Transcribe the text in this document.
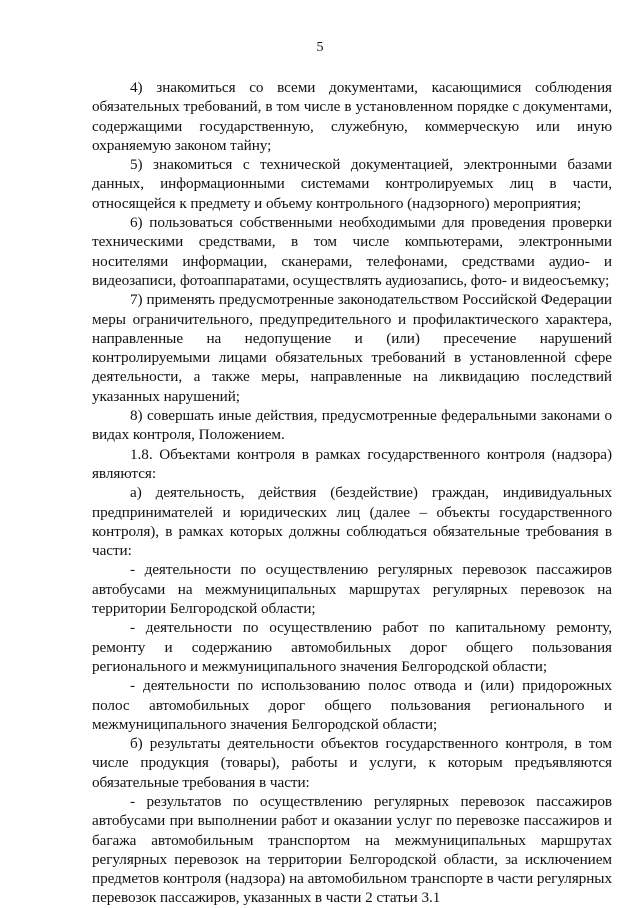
5

4) знакомиться со всеми документами, касающимися соблюдения обязательных требований, в том числе в установленном порядке с документами, содержащими государственную, служебную, коммерческую или иную охраняемую законом тайну;

5) знакомиться с технической документацией, электронными базами данных, информационными системами контролируемых лиц в части, относящейся к предмету и объему контрольного (надзорного) мероприятия;

6) пользоваться собственными необходимыми для проведения проверки техническими средствами, в том числе компьютерами, электронными носителями информации, сканерами, телефонами, средствами аудио- и видеозаписи, фотоаппаратами, осуществлять аудиозапись, фото- и видеосъемку;

7) применять предусмотренные законодательством Российской Федерации меры ограничительного, предупредительного и профилактического характера, направленные на недопущение и (или) пресечение нарушений контролируемыми лицами обязательных требований в установленной сфере деятельности, а также меры, направленные на ликвидацию последствий указанных нарушений;

8) совершать иные действия, предусмотренные федеральными законами о видах контроля, Положением.

1.8. Объектами контроля в рамках государственного контроля (надзора) являются:

а) деятельность, действия (бездействие) граждан, индивидуальных предпринимателей и юридических лиц (далее – объекты государственного контроля), в рамках которых должны соблюдаться обязательные требования в части:

- деятельности по осуществлению регулярных перевозок пассажиров автобусами на межмуниципальных маршрутах регулярных перевозок на территории Белгородской области;

- деятельности по осуществлению работ по капитальному ремонту, ремонту и содержанию автомобильных дорог общего пользования регионального и межмуниципального значения Белгородской области;

- деятельности по использованию полос отвода и (или) придорожных полос автомобильных дорог общего пользования регионального и межмуниципального значения Белгородской области;

б) результаты деятельности объектов государственного контроля, в том числе продукция (товары), работы и услуги, к которым предъявляются обязательные требования в части:

- результатов по осуществлению регулярных перевозок пассажиров автобусами при выполнении работ и оказании услуг по перевозке пассажиров и багажа автомобильным транспортом на межмуниципальных маршрутах регулярных перевозок на территории Белгородской области, за исключением предметов контроля (надзора) на автомобильном транспорте в части регулярных перевозок пассажиров, указанных в части 2 статьи 3.1
